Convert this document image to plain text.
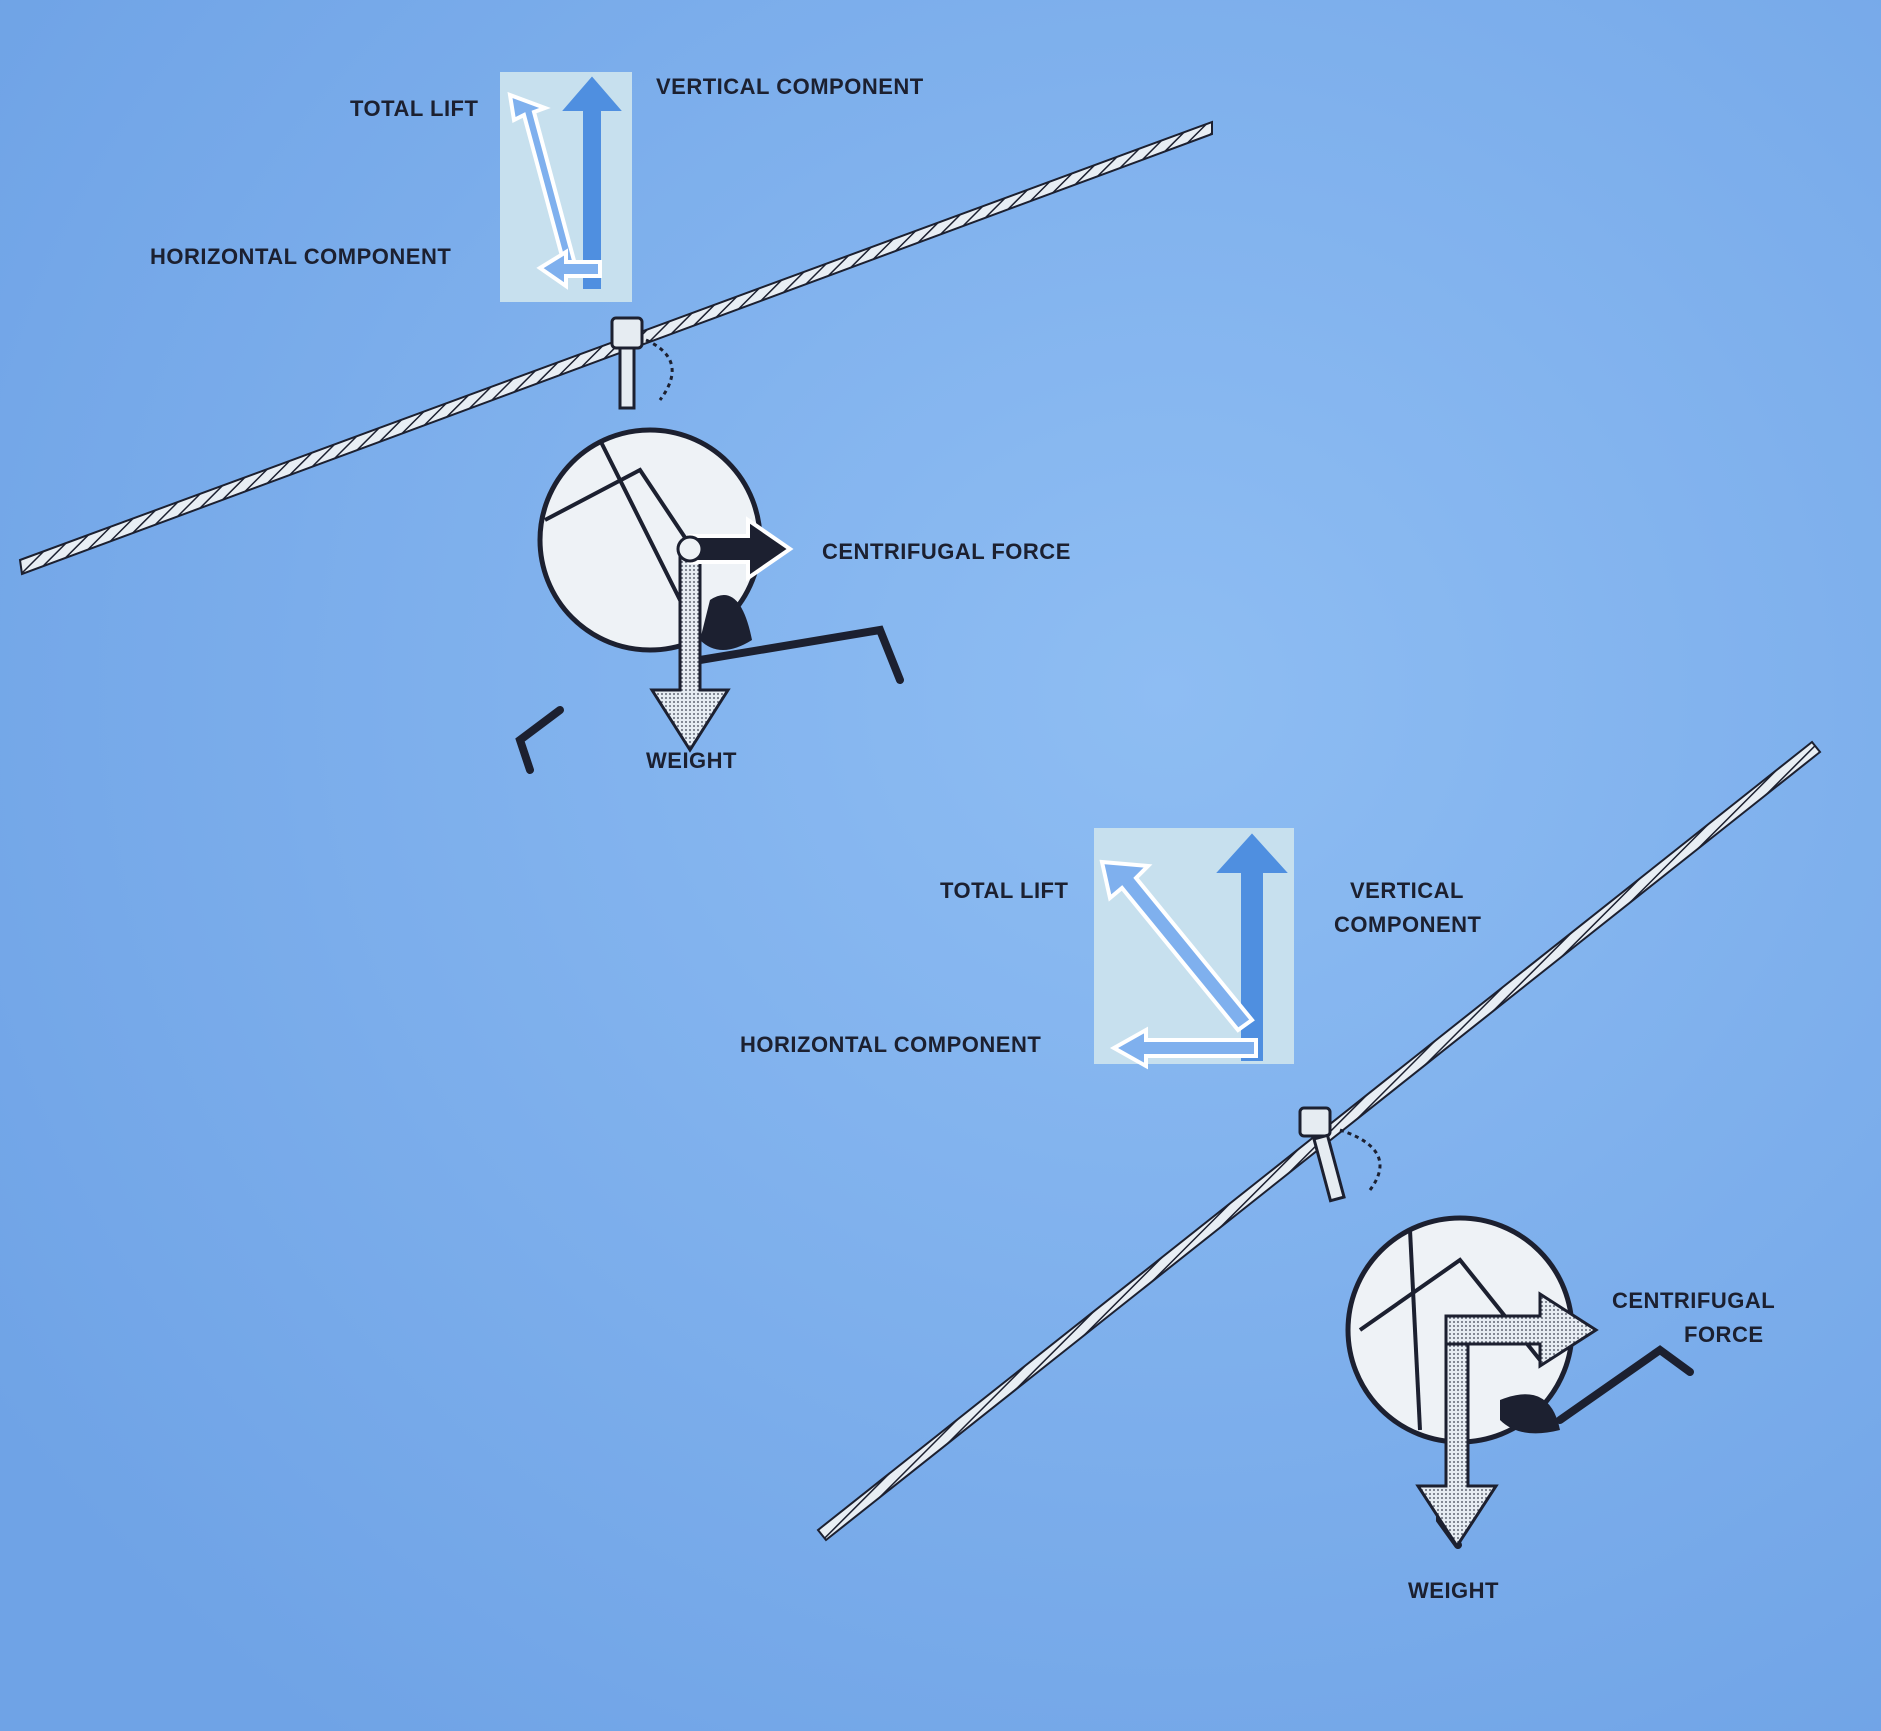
TOTAL LIFT
VERTICAL COMPONENT
HORIZONTAL COMPONENT
CENTRIFUGAL FORCE
WEIGHT
TOTAL LIFT	VERTICAL
COMPONENT
HORIZONTAL COMPONENT
CENTRIFUGAL
FORCE
WEIGHT
